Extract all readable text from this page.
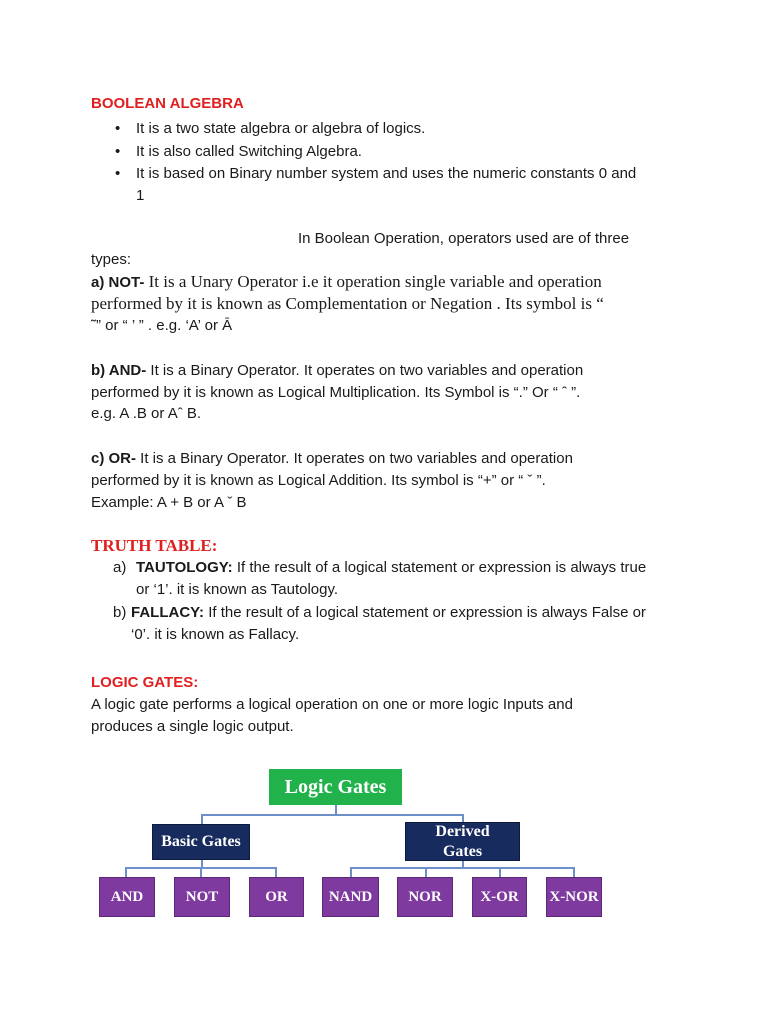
BOOLEAN ALGEBRA
• It is a two state algebra or algebra of logics.
• It is also called Switching Algebra.
• It is based on Binary number system and uses the numeric constants 0 and
1
In Boolean Operation, operators used are of three
types:
a) NOT- It is a Unary Operator i.e it operation single variable and operation
performed by it is known as Complementation or Negation . Its symbol is “
˜” or “ ’ ” . e.g. ‘A’ or Ā
b) AND- It is a Binary Operator. It operates on two variables and operation
performed by it is known as Logical Multiplication. Its Symbol is “.” Or “ ˆ ”.
e.g. A .B or Aˆ B.
c) OR- It is a Binary Operator. It operates on two variables and operation
performed by it is known as Logical Addition. Its symbol is “+” or “ ˇ ”.
Example: A + B or A ˇ B
TRUTH TABLE:
a) TAUTOLOGY: If the result of a logical statement or expression is always true
or ‘1’. it is known as Tautology.
b) FALLACY: If the result of a logical statement or expression is always False or
‘0’. it is known as Fallacy.
LOGIC GATES:
A logic gate performs a logical operation on one or more logic Inputs and
produces a single logic output.
Logic Gates
Basic Gates
Derived
Gates
AND	NOT	OR	NAND	NOR	X-OR	X-NOR
